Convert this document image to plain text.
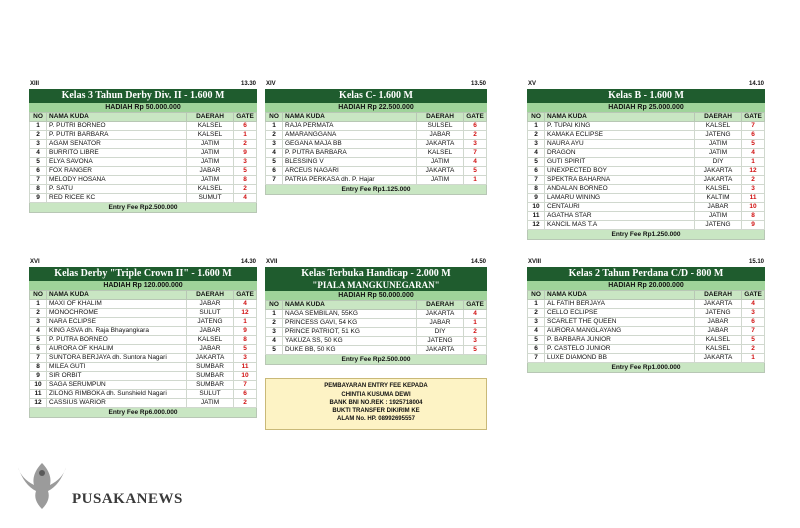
XIII	13.30
Kelas 3 Tahun Derby Div. II - 1.600 M
HADIAH Rp 50.000.000
NO	NAMA KUDA	DAERAH	GATE
1	P. PUTRI BORNEO	KALSEL	6
2	P. PUTRI BARBARA	KALSEL	1
3	AGAM SENATOR	JATIM	2
4	BURRITO LIBRE	JATIM	9
5	ELYA SAVONA	JATIM	3
6	FOX RANGER	JABAR	5
7	MELODY HOSANA	JATIM	8
8	P. SATU	KALSEL	2
9	RED RICEE KC	SUMUT	4
Entry Fee Rp2.500.000
XIV	13.50
Kelas C- 1.600 M
HADIAH Rp 22.500.000
NO	NAMA KUDA	DAERAH	GATE
1	RAJA PERMATA	SULSEL	6
2	AMARANGGANA	JABAR	2
3	GEGANA MAJA BB	JAKARTA	3
4	P. PUTRA BARBARA	KALSEL	7
5	BLESSING V	JATIM	4
6	ARCEUS NAGARI	JAKARTA	5
7	PATRIA PERKASA dh. P. Hajar	JATIM	1
Entry Fee Rp1.125.000
XV	14.10
Kelas B - 1.600 M
HADIAH Rp 25.000.000
NO	NAMA KUDA	DAERAH	GATE
1	P. TUPAI KING	KALSEL	7
2	KAMAKA ECLIPSE	JATENG	6
3	NAURA AYU	JATIM	5
4	DRAGON	JATIM	4
5	GUTI SPIRIT	DIY	1
6	UNEXPECTED BOY	JAKARTA	12
7	SPEKTRA BAHARNA	JAKARTA	2
8	ANDALAN BORNEO	KALSEL	3
9	LAMARU WINING	KALTIM	11
10	CENTAURI	JABAR	10
11	AGATHA STAR	JATIM	8
12	KANCIL MAS T.A	JATENG	9
Entry Fee Rp1.250.000
XVI	14.30
Kelas Derby "Triple Crown II" - 1.600 M
HADIAH Rp 120.000.000
NO	NAMA KUDA	DAERAH	GATE
1	MAXI OF KHALIM	JABAR	4
2	MONOCHROME	SULUT	12
3	NARA ECLIPSE	JATENG	1
4	KING ASVA dh. Raja Bhayangkara	JABAR	9
5	P. PUTRA BORNEO	KALSEL	8
6	AURORA OF KHALIM	JABAR	5
7	SUNTORA BERJAYA dh. Suntora Nagari	JAKARTA	3
8	MILEA GUTI	SUMBAR	11
9	SIR ORBIT	SUMBAR	10
10	SAGA SERUMPUN	SUMBAR	7
11	ZILONG RIMBOKA dh. Sunshield Nagari	SULUT	6
12	CASSIUS WARIOR	JATIM	2
Entry Fee Rp6.000.000
XVII	14.50
Kelas Terbuka Handicap - 2.000 M
"PIALA MANGKUNEGARAN"
HADIAH Rp 50.000.000
NO	NAMA KUDA	DAERAH	GATE
1	NAGA SEMBILAN, 55KG	JAKARTA	4
2	PRINCESS GAVI, 54 KG	JABAR	1
3	PRINCE PATRIOT, 51 KG	DIY	2
4	YAKUZA SS, 50 KG	JATENG	3
5	DUKE BB, 50 KG	JAKARTA	5
Entry Fee Rp2.500.000
XVIII	15.10
Kelas 2 Tahun Perdana C/D - 800 M
HADIAH Rp 20.000.000
NO	NAMA KUDA	DAERAH	GATE
1	AL FATIH BERJAYA	JAKARTA	4
2	CELLO ECLIPSE	JATENG	3
3	SCARLET THE QUEEN	JABAR	6
4	AURORA MANGLAYANG	JABAR	7
5	P. BARBARA JUNIOR	KALSEL	5
6	P. CASTELO JUNIOR	KALSEL	2
7	LUXE DIAMOND BB	JAKARTA	1
Entry Fee Rp1.000.000
PEMBAYARAN ENTRY FEE KEPADA
CHINTIA KUSUMA DEWI
BANK BNI NO.REK : 1925718004
BUKTI TRANSFER DIKIRIM KE
ALAM No. HP. 08992695557
PUSAKANEWS
